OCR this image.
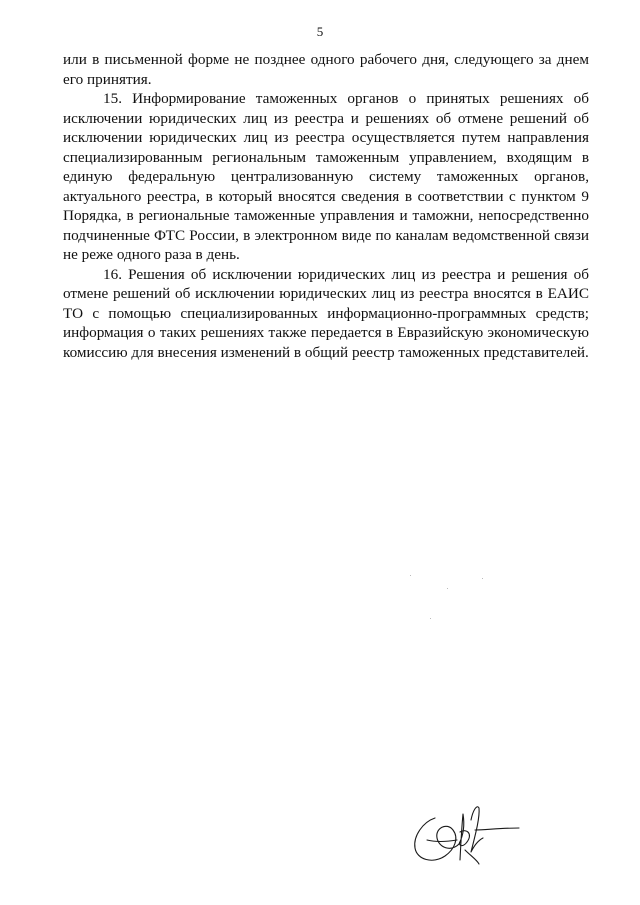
5

или в письменной форме не позднее одного рабочего дня, следующего за днем его принятия.

15. Информирование таможенных органов о принятых решениях об исключении юридических лиц из реестра и решениях об отмене решений об исключении юридических лиц из реестра осуществляется путем направления специализированным региональным таможенным управлением, входящим в единую федеральную централизованную систему таможенных органов, актуального реестра, в который вносятся сведения в соответствии с пунктом 9 Порядка, в региональные таможенные управления и таможни, непосредственно подчиненные ФТС России, в электронном виде по каналам ведомственной связи не реже одного раза в день.

16. Решения об исключении юридических лиц из реестра и решения об отмене решений об исключении юридических лиц из реестра вносятся в ЕАИС ТО с помощью специализированных информационно-программных средств; информация о таких решениях также передается в Евразийскую экономическую комиссию для внесения изменений в общий реестр таможенных представителей.
